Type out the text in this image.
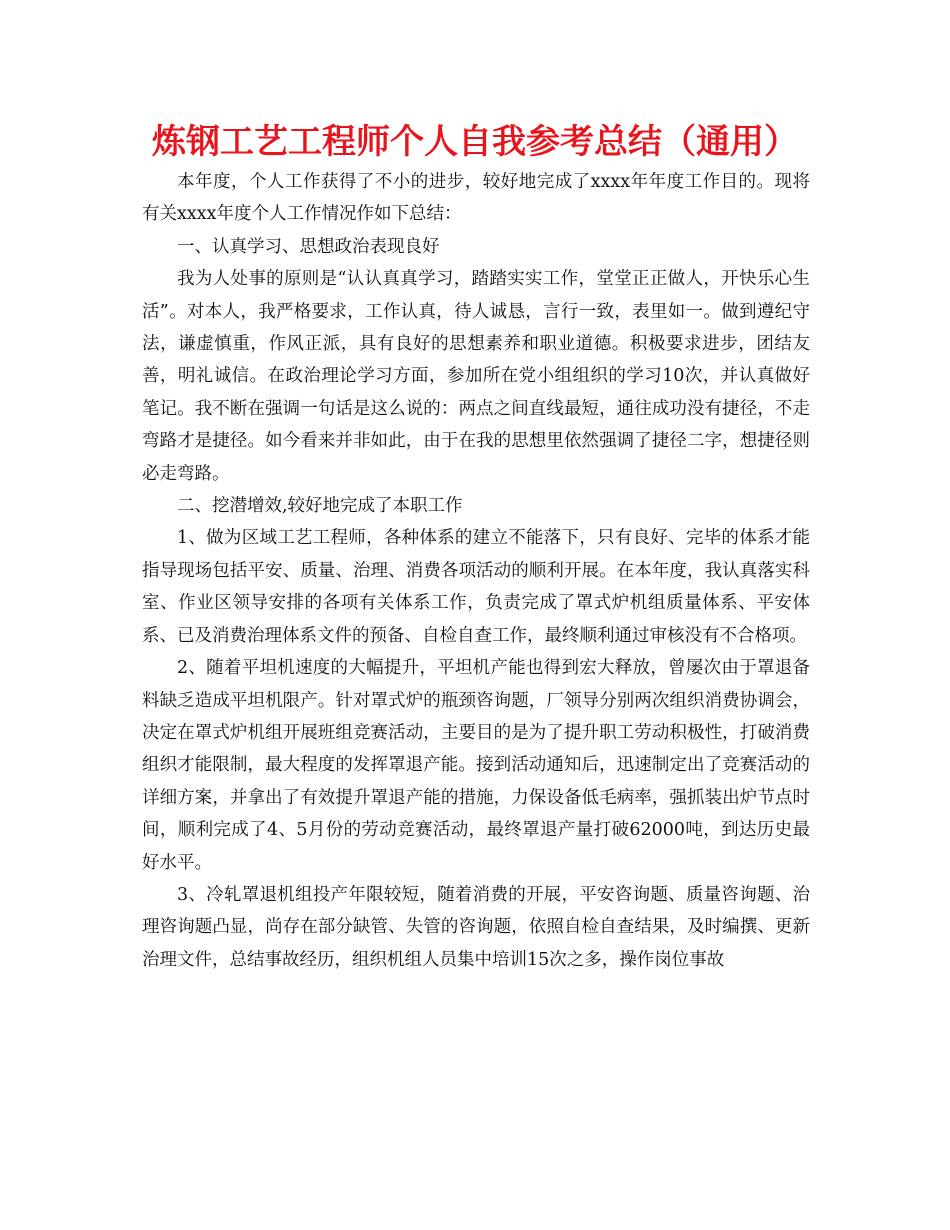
炼钢工艺工程师个人自我参考总结（通用）

本年度，个人工作获得了不小的进步，较好地完成了xxxx年年度工作目的。现将有关xxxx年度个人工作情况作如下总结：

一、认真学习、思想政治表现良好

我为人处事的原则是“认认真真学习，踏踏实实工作，堂堂正正做人，开快乐心生活”。对本人，我严格要求，工作认真，待人诚恳，言行一致，表里如一。做到遵纪守法，谦虚慎重，作风正派，具有良好的思想素养和职业道德。积极要求进步，团结友善，明礼诚信。在政治理论学习方面，参加所在党小组组织的学习10次，并认真做好笔记。我不断在强调一句话是这么说的：两点之间直线最短，通往成功没有捷径，不走弯路才是捷径。如今看来并非如此，由于在我的思想里依然强调了捷径二字，想捷径则必走弯路。

二、挖潜增效,较好地完成了本职工作

1、做为区域工艺工程师，各种体系的建立不能落下，只有良好、完毕的体系才能指导现场包括平安、质量、治理、消费各项活动的顺利开展。在本年度，我认真落实科室、作业区领导安排的各项有关体系工作，负责完成了罩式炉机组质量体系、平安体系、已及消费治理体系文件的预备、自检自查工作，最终顺利通过审核没有不合格项。

2、随着平坦机速度的大幅提升，平坦机产能也得到宏大释放，曾屡次由于罩退备料缺乏造成平坦机限产。针对罩式炉的瓶颈咨询题，厂领导分别两次组织消费协调会，决定在罩式炉机组开展班组竞赛活动，主要目的是为了提升职工劳动积极性，打破消费组织才能限制，最大程度的发挥罩退产能。接到活动通知后，迅速制定出了竞赛活动的详细方案，并拿出了有效提升罩退产能的措施，力保设备低毛病率，强抓装出炉节点时间，顺利完成了4、5月份的劳动竞赛活动，最终罩退产量打破62000吨，到达历史最好水平。

3、冷轧罩退机组投产年限较短，随着消费的开展，平安咨询题、质量咨询题、治理咨询题凸显，尚存在部分缺管、失管的咨询题，依照自检自查结果，及时编撰、更新治理文件，总结事故经历，组织机组人员集中培训15次之多，操作岗位事故
